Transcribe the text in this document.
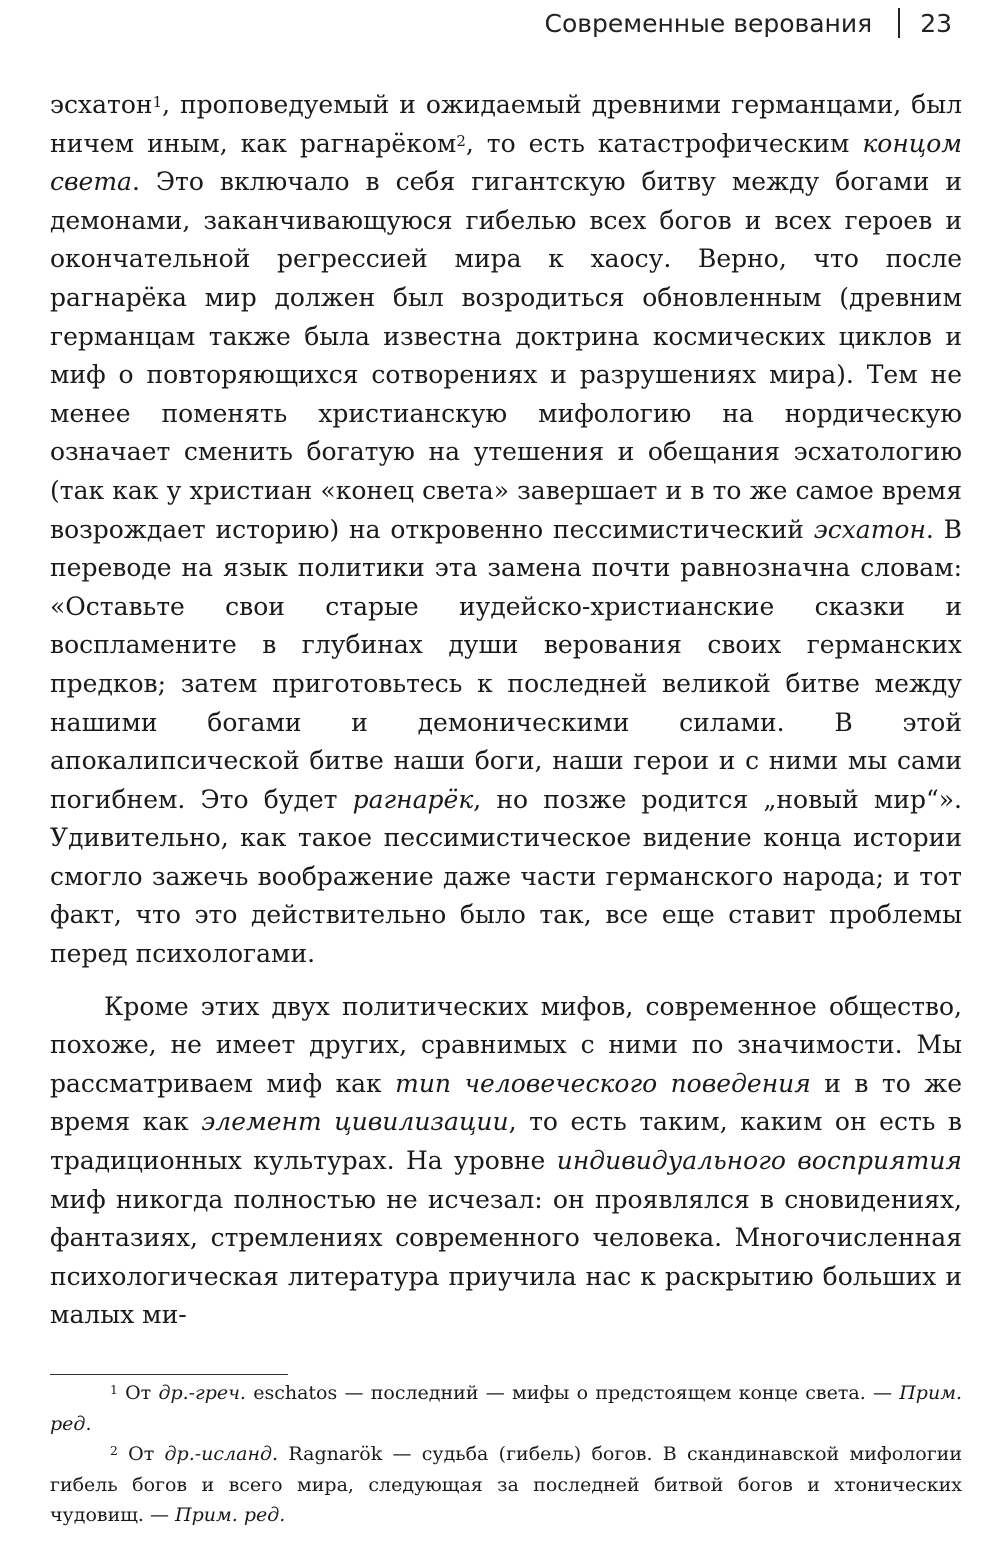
Современные верования 23

эсхатон$^1$, проповедуемый и ожидаемый древними германцами, был ничем иным, как рагнарёком$^2$, то есть катастрофическим концом света. Это включало в себя гигантскую битву между богами и демонами, заканчивающуюся гибелью всех богов и всех героев и окончательной регрессией мира к хаосу. Верно, что после рагнарёка мир должен был возродиться обновленным (древним германцам также была известна доктрина космических циклов и миф о повторяющихся сотворениях и разрушениях мира). Тем не менее поменять христианскую мифологию на нордическую означает сменить богатую на утешения и обещания эсхатологию (так как у христиан «конец света» завершает и в то же самое время возрождает историю) на откровенно пессимистический эсхатон. В переводе на язык политики эта замена почти равнозначна словам: «Оставьте свои старые иудейско-христианские сказки и воспламените в глубинах души верования своих германских предков; затем приготовьтесь к последней великой битве между нашими богами и демоническими силами. В этой апокалипсической битве наши боги, наши герои и с ними мы сами погибнем. Это будет рагнарёк, но позже родится „новый мир“». Удивительно, как такое пессимистическое видение конца истории смогло зажечь воображение даже части германского народа; и тот факт, что это действительно было так, все еще ставит проблемы перед психологами.

Кроме этих двух политических мифов, современное общество, похоже, не имеет других, сравнимых с ними по значимости. Мы рассматриваем миф как тип человеческого поведения и в то же время как элемент цивилизации, то есть таким, каким он есть в традиционных культурах. На уровне индивидуального восприятия миф никогда полностью не исчезал: он проявлялся в сновидениях, фантазиях, стремлениях современного человека. Многочисленная психологическая литература приучила нас к раскрытию больших и малых ми-

$^1$ От др.-греч. eschatos — последний — мифы о предстоящем конце света. — Прим. ред.

$^2$ От др.-исланд. Ragnarök — судьба (гибель) богов. В скандинавской мифологии гибель богов и всего мира, следующая за последней битвой богов и хтонических чудовищ. — Прим. ред.
